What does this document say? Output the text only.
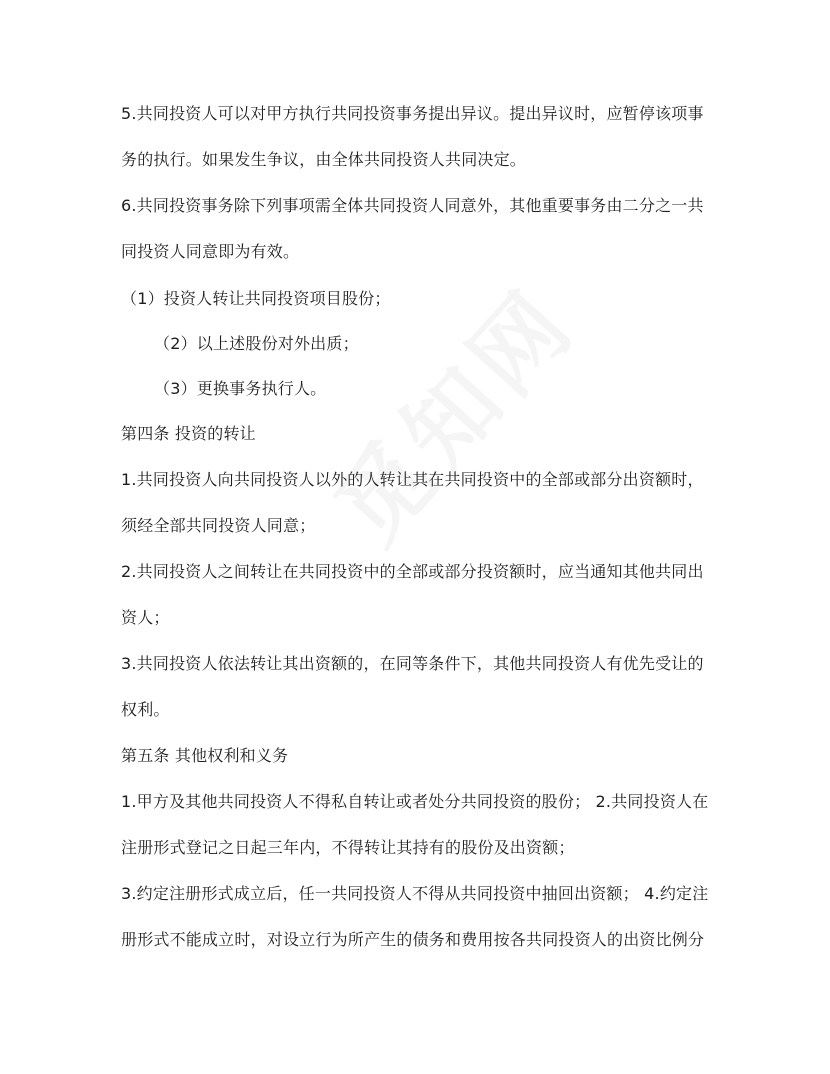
5.共同投资人可以对甲方执行共同投资事务提出异议。提出异议时，应暂停该项事
务的执行。如果发生争议，由全体共同投资人共同决定。
6.共同投资事务除下列事项需全体共同投资人同意外，其他重要事务由二分之一共
同投资人同意即为有效。
（1）投资人转让共同投资项目股份；
（2）以上述股份对外出质；
（3）更换事务执行人。
第四条 投资的转让
1.共同投资人向共同投资人以外的人转让其在共同投资中的全部或部分出资额时，
须经全部共同投资人同意；
2.共同投资人之间转让在共同投资中的全部或部分投资额时，应当通知其他共同出
资人；
3.共同投资人依法转让其出资额的，在同等条件下，其他共同投资人有优先受让的
权利。
第五条 其他权利和义务
1.甲方及其他共同投资人不得私自转让或者处分共同投资的股份； 2.共同投资人在
注册形式登记之日起三年内，不得转让其持有的股份及出资额；
3.约定注册形式成立后，任一共同投资人不得从共同投资中抽回出资额； 4.约定注
册形式不能成立时，对设立行为所产生的债务和费用按各共同投资人的出资比例分
